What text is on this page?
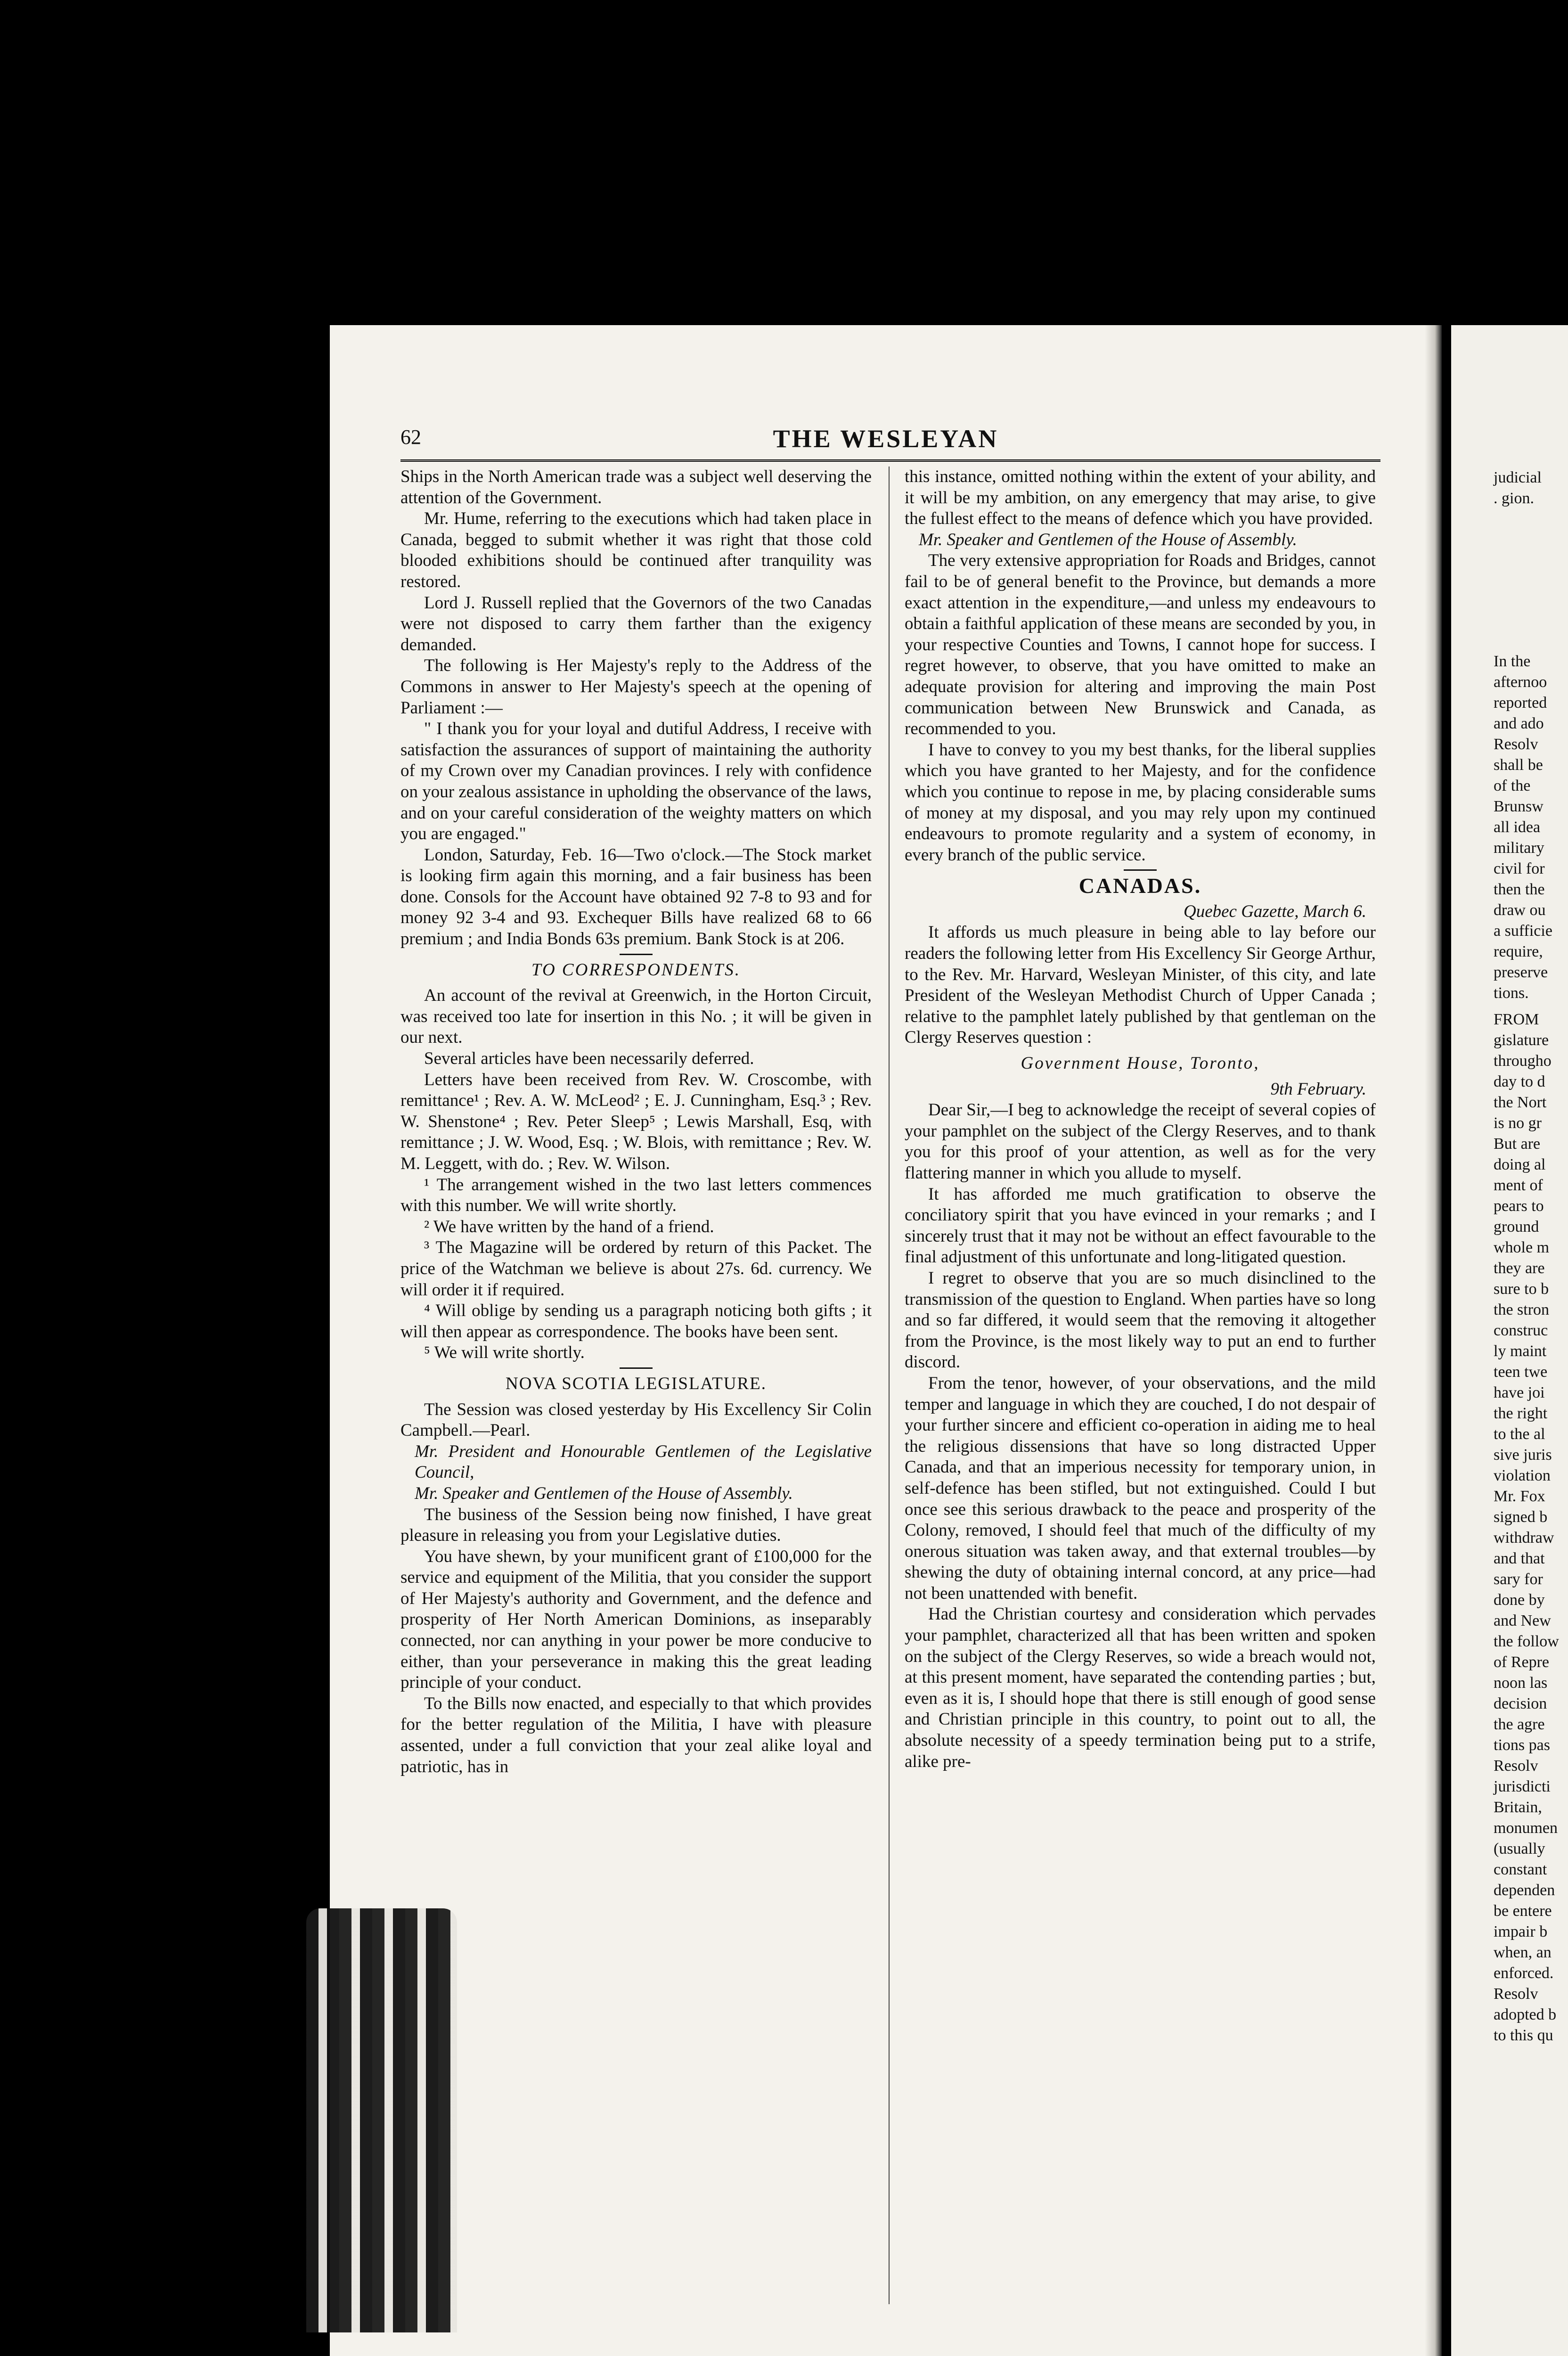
62	THE WESLEYAN

Ships in the North American trade was a subject well deserving the attention of the Government.

Mr. Hume, referring to the executions which had taken place in Canada, begged to submit whether it was right that those cold blooded exhibitions should be continued after tranquility was restored.

Lord J. Russell replied that the Governors of the two Canadas were not disposed to carry them farther than the exigency demanded.

The following is Her Majesty's reply to the Address of the Commons in answer to Her Majesty's speech at the opening of Parliament :—

" I thank you for your loyal and dutiful Address, I receive with satisfaction the assurances of support of maintaining the authority of my Crown over my Canadian provinces. I rely with confidence on your zealous assistance in upholding the observance of the laws, and on your careful consideration of the weighty matters on which you are engaged."

London, Saturday, Feb. 16—Two o'clock.—The Stock market is looking firm again this morning, and a fair business has been done. Consols for the Account have obtained 92 7-8 to 93 and for money 92 3-4 and 93. Exchequer Bills have realized 68 to 66 premium ; and India Bonds 63s premium. Bank Stock is at 206.

TO CORRESPONDENTS.

An account of the revival at Greenwich, in the Horton Circuit, was received too late for insertion in this No. ; it will be given in our next.

Several articles have been necessarily deferred.

Letters have been received from Rev. W. Croscombe, with remittance¹ ; Rev. A. W. McLeod² ; E. J. Cunningham, Esq.³ ; Rev. W. Shenstone⁴ ; Rev. Peter Sleep⁵ ; Lewis Marshall, Esq, with remittance ; J. W. Wood, Esq. ; W. Blois, with remittance ; Rev. W. M. Leggett, with do. ; Rev. W. Wilson.

¹ The arrangement wished in the two last letters commences with this number. We will write shortly.

² We have written by the hand of a friend.

³ The Magazine will be ordered by return of this Packet. The price of the Watchman we believe is about 27s. 6d. currency. We will order it if required.

⁴ Will oblige by sending us a paragraph noticing both gifts ; it will then appear as correspondence. The books have been sent.

⁵ We will write shortly.

NOVA SCOTIA LEGISLATURE.

The Session was closed yesterday by His Excellency Sir Colin Campbell.—Pearl.

Mr. President and Honourable Gentlemen of the Legislative Council,

Mr. Speaker and Gentlemen of the House of Assembly.

The business of the Session being now finished, I have great pleasure in releasing you from your Legislative duties.

You have shewn, by your munificent grant of £100,000 for the service and equipment of the Militia, that you consider the support of Her Majesty's authority and Government, and the defence and prosperity of Her North American Dominions, as inseparably connected, nor can anything in your power be more conducive to either, than your perseverance in making this the great leading principle of your conduct.

To the Bills now enacted, and especially to that which provides for the better regulation of the Militia, I have with pleasure assented, under a full conviction that your zeal alike loyal and patriotic, has in

this instance, omitted nothing within the extent of your ability, and it will be my ambition, on any emergency that may arise, to give the fullest effect to the means of defence which you have provided.

Mr. Speaker and Gentlemen of the House of Assembly.

The very extensive appropriation for Roads and Bridges, cannot fail to be of general benefit to the Province, but demands a more exact attention in the expenditure,—and unless my endeavours to obtain a faithful application of these means are seconded by you, in your respective Counties and Towns, I cannot hope for success. I regret however, to observe, that you have omitted to make an adequate provision for altering and improving the main Post communication between New Brunswick and Canada, as recommended to you.

I have to convey to you my best thanks, for the liberal supplies which you have granted to her Majesty, and for the confidence which you continue to repose in me, by placing considerable sums of money at my disposal, and you may rely upon my continued endeavours to promote regularity and a system of economy, in every branch of the public service.

CANADAS.

Quebec Gazette, March 6.

It affords us much pleasure in being able to lay before our readers the following letter from His Excellency Sir George Arthur, to the Rev. Mr. Harvard, Wesleyan Minister, of this city, and late President of the Wesleyan Methodist Church of Upper Canada ; relative to the pamphlet lately published by that gentleman on the Clergy Reserves question :

Government House, Toronto,

9th February.

Dear Sir,—I beg to acknowledge the receipt of several copies of your pamphlet on the subject of the Clergy Reserves, and to thank you for this proof of your attention, as well as for the very flattering manner in which you allude to myself.

It has afforded me much gratification to observe the conciliatory spirit that you have evinced in your remarks ; and I sincerely trust that it may not be without an effect favourable to the final adjustment of this unfortunate and long-litigated question.

I regret to observe that you are so much disinclined to the transmission of the question to England. When parties have so long and so far differed, it would seem that the removing it altogether from the Province, is the most likely way to put an end to further discord.

From the tenor, however, of your observations, and the mild temper and language in which they are couched, I do not despair of your further sincere and efficient co-operation in aiding me to heal the religious dissensions that have so long distracted Upper Canada, and that an imperious necessity for temporary union, in self-defence has been stifled, but not extinguished. Could I but once see this serious drawback to the peace and prosperity of the Colony, removed, I should feel that much of the difficulty of my onerous situation was taken away, and that external troubles—by shewing the duty of obtaining internal concord, at any price—had not been unattended with benefit.

Had the Christian courtesy and consideration which pervades your pamphlet, characterized all that has been written and spoken on the subject of the Clergy Reserves, so wide a breach would not, at this present moment, have separated the contending parties ; but, even as it is, I should hope that there is still enough of good sense and Christian principle in this country, to point out to all, the absolute necessity of a speedy termination being put to a strife, alike pre-

judicial
. gion.
In the
afternoo
reported
and ado
Resolv
shall be
of the
Brunsw
all idea
military
civil for
then the
draw ou
a sufficie
require,
preserve
tions.
FROM
gislature
througho
day to d
the Nort
is no gr
But are
doing al
ment of
pears to
ground
whole m
they are
sure to b
the stron
construc
ly maint
teen twe
have joi
the right
to the al
sive juris
violation
Mr. Fox
signed b
withdraw
and that
sary for
done by
and New
the follow
of Repre
noon las
decision
the agre
tions pas
Resolv
jurisdicti
Britain,
monumen
(usually
constant
dependen
be entere
impair b
when, an
enforced.
Resolv
adopted b
to this qu
